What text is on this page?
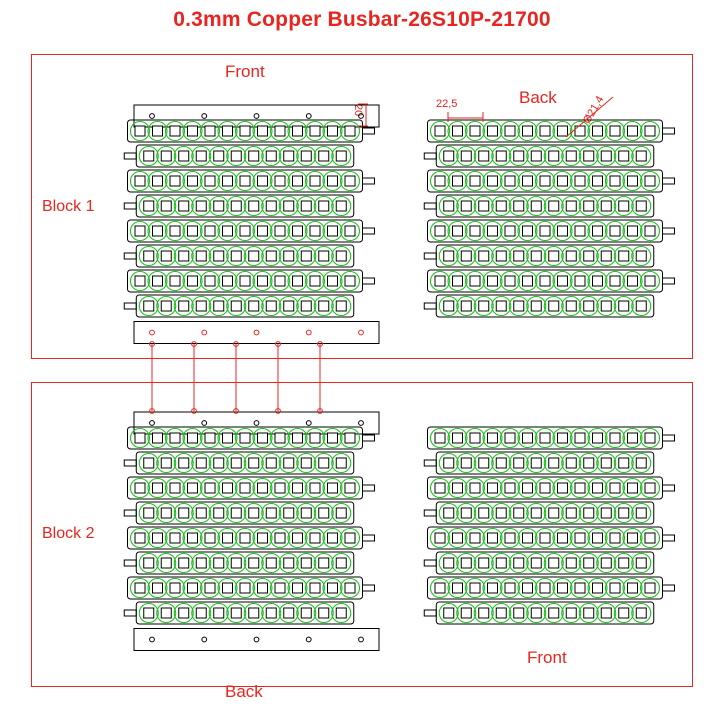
0.3mm Copper Busbar-26S10P-21700
Front
Back
Block 1
20	22,5	Ø21,4
Block 2
Back
Front
